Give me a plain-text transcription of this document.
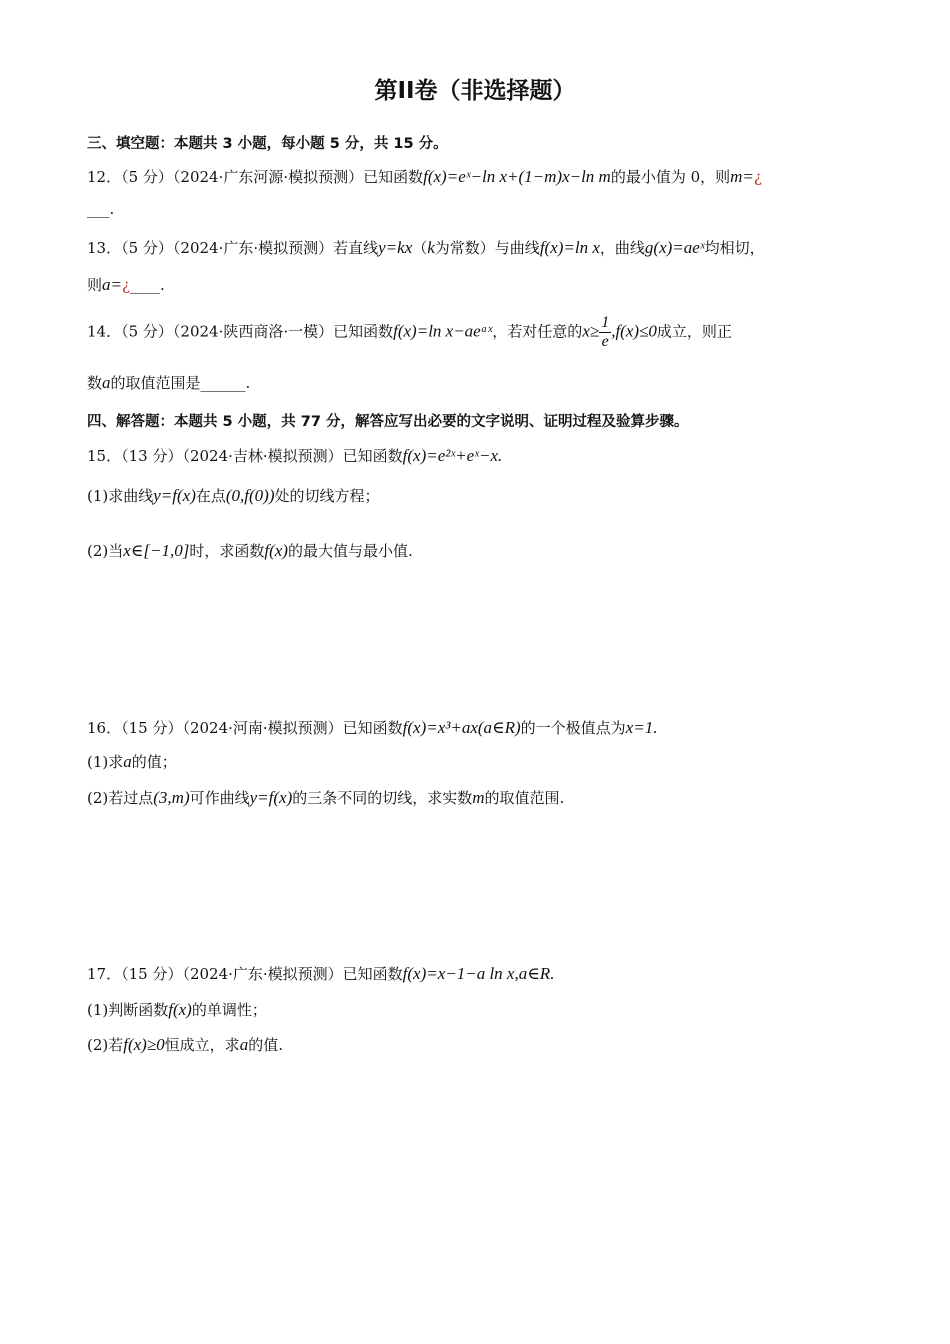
第II卷（非选择题）
三、填空题：本题共 3 小题，每小题 5 分，共 15 分。
12．（5 分）（2024·广东河源·模拟预测）已知函数f(x)=eˣ−ln x+(1−m)x−ln m的最小值为 0，则m=¿
___.
13．（5 分）（2024·广东·模拟预测）若直线y=kx（k为常数）与曲线f(x)=ln x，曲线g(x)=aeˣ均相切，
则a=¿____.
14．（5 分）（2024·陕西商洛·一模）已知函数f(x)=ln x−aeᵃˣ，若对任意的$x\ge \frac{1}{e} ,f(x)\le 0$成立，则正
数a的取值范围是______.
四、解答题：本题共 5 小题，共 77 分，解答应写出必要的文字说明、证明过程及验算步骤。
15．（13 分）（2024·吉林·模拟预测）已知函数f(x)=e²ˣ+eˣ−x.
(1)求曲线y=f(x)在点(0,f(0))处的切线方程；
(2)当x∈[−1,0]时，求函数f(x)的最大值与最小值.
16．（15 分）（2024·河南·模拟预测）已知函数f(x)=x³+ax(a∈R)的一个极值点为x=1.
(1)求a的值；
(2)若过点(3,m)可作曲线y=f(x)的三条不同的切线，求实数m的取值范围.
17．（15 分）（2024·广东·模拟预测）已知函数f(x)=x−1−a ln x,a∈R.
(1)判断函数f(x)的单调性；
(2)若f(x)≥0恒成立，求a的值.
